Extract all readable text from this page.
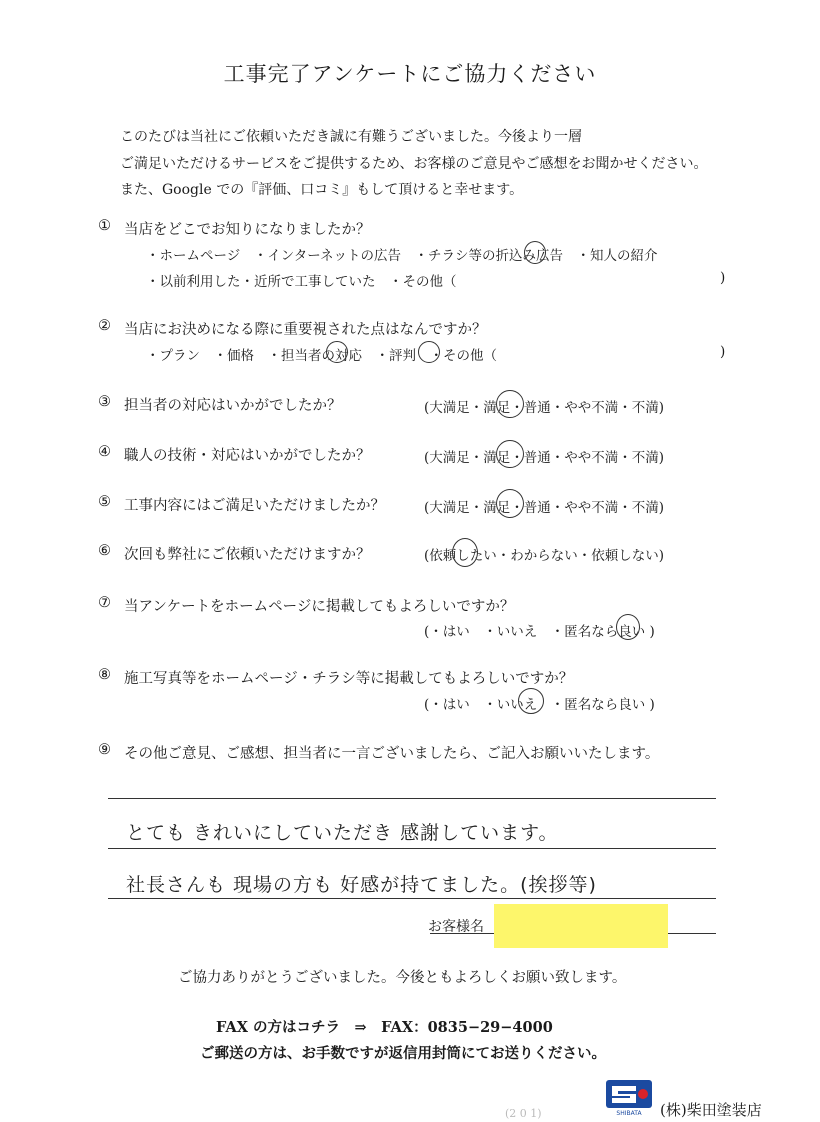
工事完了アンケートにご協力ください
このたびは当社にご依頼いただき誠に有難うございました。今後より一層
ご満足いただけるサービスをご提供するため、お客様のご意見やご感想をお聞かせください。
また、Google での『評価、口コミ』もして頂けると幸せます。
① 当店をどこでお知りになりましたか？
・ホームページ　・インターネットの広告　・チラシ等の折込み広告　・知人の紹介
・以前利用した・近所で工事していた　・その他（	)
② 当店にお決めになる際に重要視された点はなんですか？
・プラン　・価格　・担当者の対応　・評判　・その他（	)
③ 担当者の対応はいかがでしたか？	(大満足・満足・普通・やや不満・不満)
④ 職人の技術・対応はいかがでしたか？	(大満足・満足・普通・やや不満・不満)
⑤ 工事内容にはご満足いただけましたか？	(大満足・満足・普通・やや不満・不満)
⑥ 次回も弊社にご依頼いただけますか？	(依頼したい・わからない・依頼しない)
⑦ 当アンケートをホームページに掲載してもよろしいですか？
(・はい　・いいえ　・匿名なら良い )
⑧ 施工写真等をホームページ・チラシ等に掲載してもよろしいですか？
(・はい　・いいえ　・匿名なら良い )
⑨ その他ご意見、ご感想、担当者に一言ございましたら、ご記入お願いいたします。
とても きれいにしていただき 感謝しています。
社長さんも 現場の方も 好感が持てました。(挨拶等)
お客様名
ご協力ありがとうございました。今後ともよろしくお願い致します。
FAX の方はコチラ　⇒　FAX：0835−29−4000
ご郵送の方は、お手数ですが返信用封筒にてお送りください。
(2 0 1)	SHIBATA (株)柴田塗装店
